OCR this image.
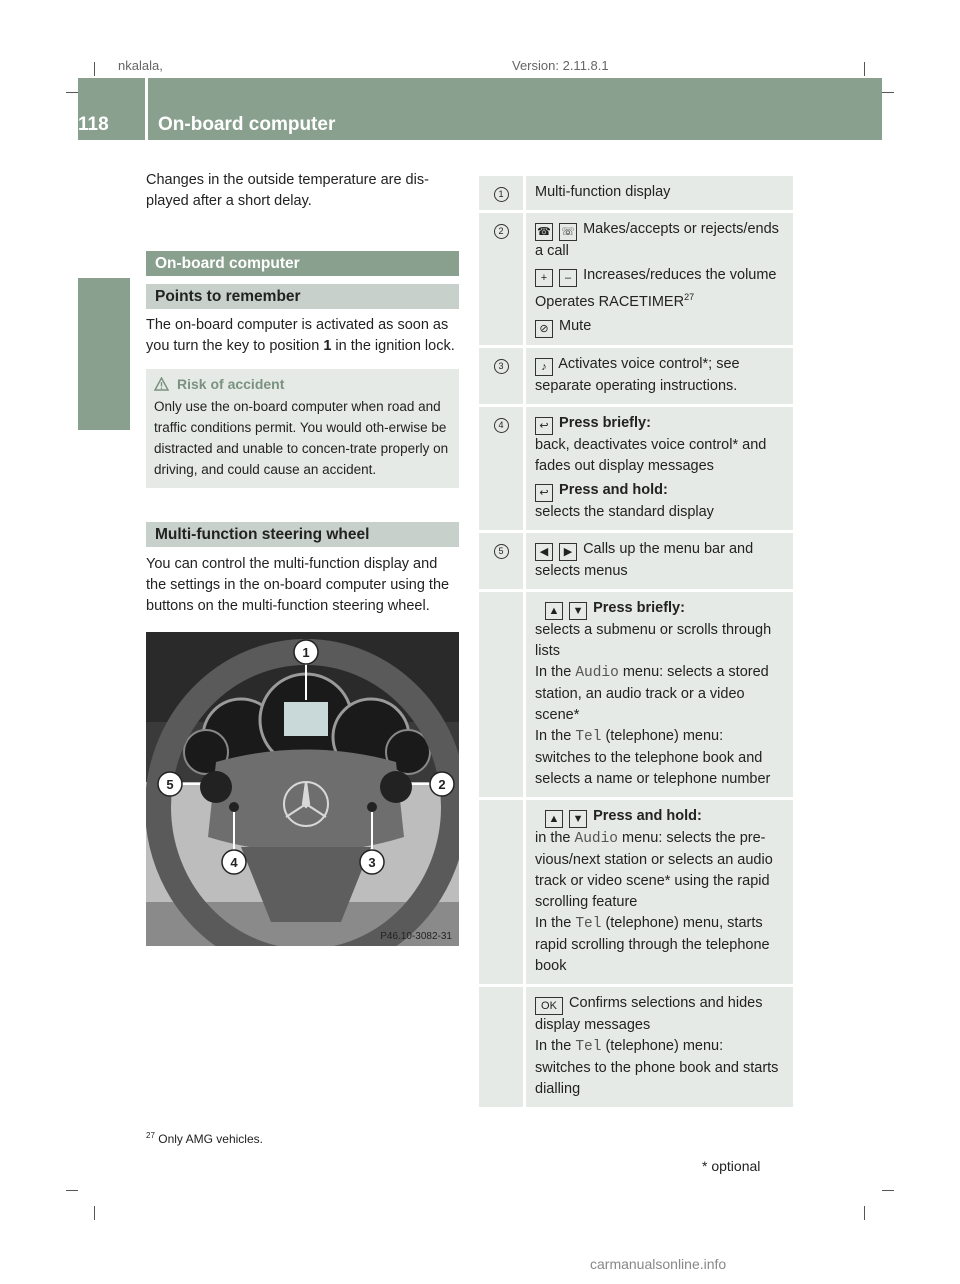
nkalala,	Version: 2.11.8.1
118	On-board computer
Controls

Changes in the outside temperature are dis-played after a short delay.

On-board computer
Points to remember

The on-board computer is activated as soon as you turn the key to position 1 in the ignition lock.

Risk of accident

Only use the on-board computer when road and traffic conditions permit. You would oth-erwise be distracted and unable to concen-trate properly on driving, and could cause an accident.

Multi-function steering wheel

You can control the multi-function display and the settings in the on-board computer using the buttons on the multi-function steering wheel.

1
2
3
4
5
P46.10-3082-31
1	Multi-function display
2	☎ ☏ Makes/accepts or rejects/ends a call
+ – Increases/reduces the volume
Operates RACETIMER$^{27}$
⊘ Mute

3	♪ Activates voice control*; see separate operating instructions.
4	↩ Press briefly:
back, deactivates voice control* and fades out display messages
↩ Press and hold:
selects the standard display

5	◀ ▶ Calls up the menu bar and selects menus

	▲ ▼ Press briefly:
selects a submenu or scrolls through lists
In the Audio menu: selects a stored station, an audio track or a video scene*
In the Tel (telephone) menu:
switches to the telephone book and selects a name or telephone number

	▲ ▼ Press and hold:
in the Audio menu: selects the pre-vious/next station or selects an audio track or video scene* using the rapid scrolling feature
In the Tel (telephone) menu, starts rapid scrolling through the telephone book

	OK Confirms selections and hides display messages
In the Tel (telephone) menu:
switches to the phone book and starts dialling
$^{27}$ Only AMG vehicles.
* optional
carmanualsonline.info
